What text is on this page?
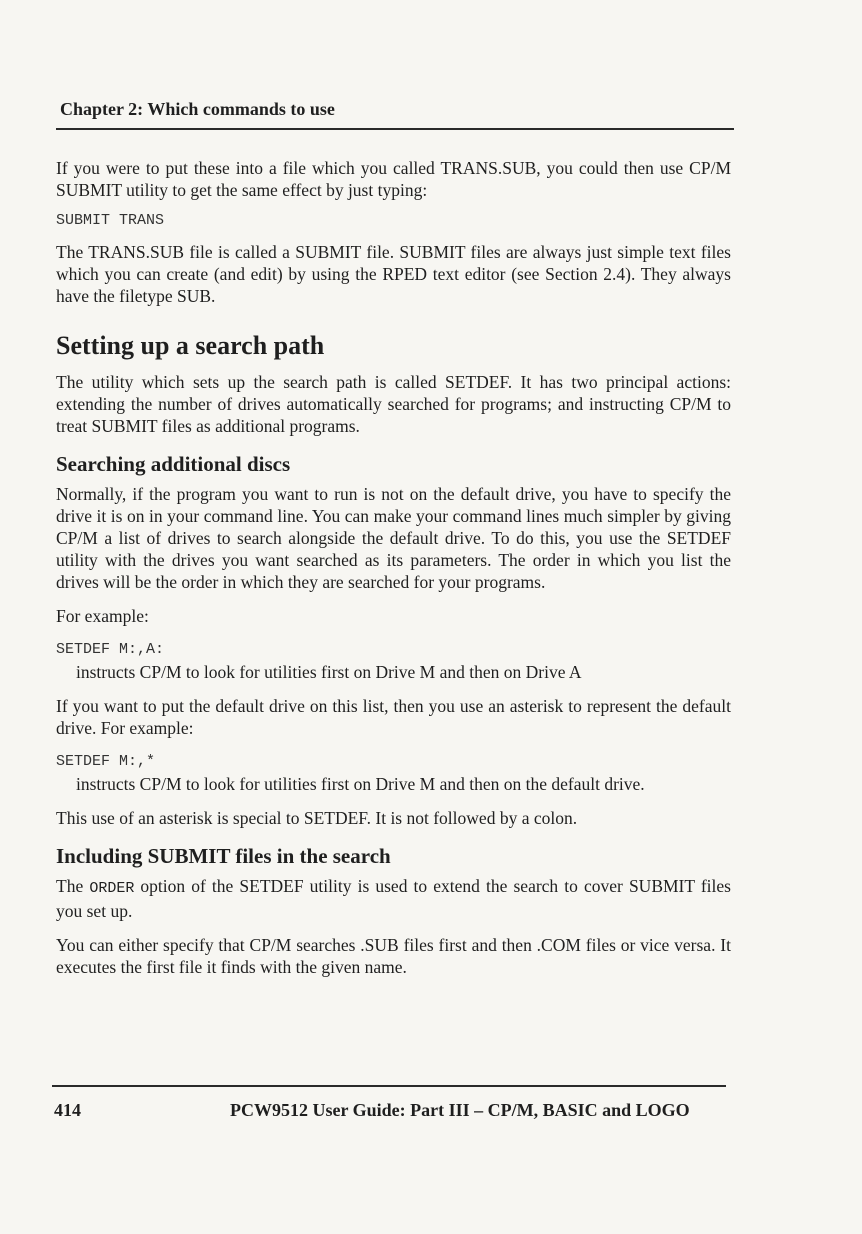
Chapter 2: Which commands to use

If you were to put these into a file which you called TRANS.SUB, you could then use CP/M SUBMIT utility to get the same effect by just typing:

SUBMIT TRANS

The TRANS.SUB file is called a SUBMIT file. SUBMIT files are always just simple text files which you can create (and edit) by using the RPED text editor (see Section 2.4). They always have the filetype SUB.

Setting up a search path

The utility which sets up the search path is called SETDEF. It has two principal actions: extending the number of drives automatically searched for programs; and instructing CP/M to treat SUBMIT files as additional programs.

Searching additional discs

Normally, if the program you want to run is not on the default drive, you have to specify the drive it is on in your command line. You can make your command lines much simpler by giving CP/M a list of drives to search alongside the default drive. To do this, you use the SETDEF utility with the drives you want searched as its parameters. The order in which you list the drives will be the order in which they are searched for your programs.

For example:

SETDEF M:,A:

instructs CP/M to look for utilities first on Drive M and then on Drive A

If you want to put the default drive on this list, then you use an asterisk to represent the default drive. For example:

SETDEF M:,*

instructs CP/M to look for utilities first on Drive M and then on the default drive.

This use of an asterisk is special to SETDEF. It is not followed by a colon.

Including SUBMIT files in the search

The ORDER option of the SETDEF utility is used to extend the search to cover SUBMIT files you set up.

You can either specify that CP/M searches .SUB files first and then .COM files or vice versa. It executes the first file it finds with the given name.

414	PCW9512 User Guide: Part III – CP/M, BASIC and LOGO
